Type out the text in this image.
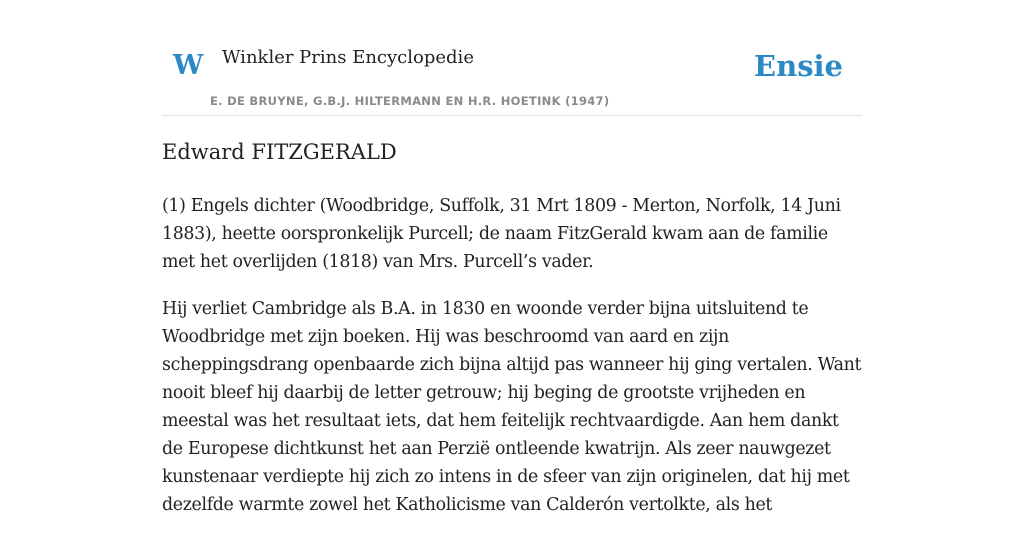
W Winkler Prins Encyclopedie
E. DE BRUYNE, G.B.J. HILTERMANN EN H.R. HOETINK (1947)
Ensie
Edward FITZGERALD

(1) Engels dichter (Woodbridge, Suffolk, 31 Mrt 1809 - Merton, Norfolk, 14 Juni 1883), heette oorspronkelijk Purcell; de naam FitzGerald kwam aan de familie met het overlijden (1818) van Mrs. Purcell’s vader.

Hij verliet Cambridge als B.A. in 1830 en woonde verder bijna uitsluitend te Woodbridge met zijn boeken. Hij was beschroomd van aard en zijn scheppingsdrang openbaarde zich bijna altijd pas wanneer hij ging vertalen. Want nooit bleef hij daarbij de letter getrouw; hij beging de grootste vrijheden en meestal was het resultaat iets, dat hem feitelijk rechtvaardigde. Aan hem dankt de Europese dichtkunst het aan Perzië ontleende kwatrijn. Als zeer nauwgezet kunstenaar verdiepte hij zich zo intens in de sfeer van zijn originelen, dat hij met dezelfde warmte zowel het Katholicisme van Calderón vertolkte, als het
